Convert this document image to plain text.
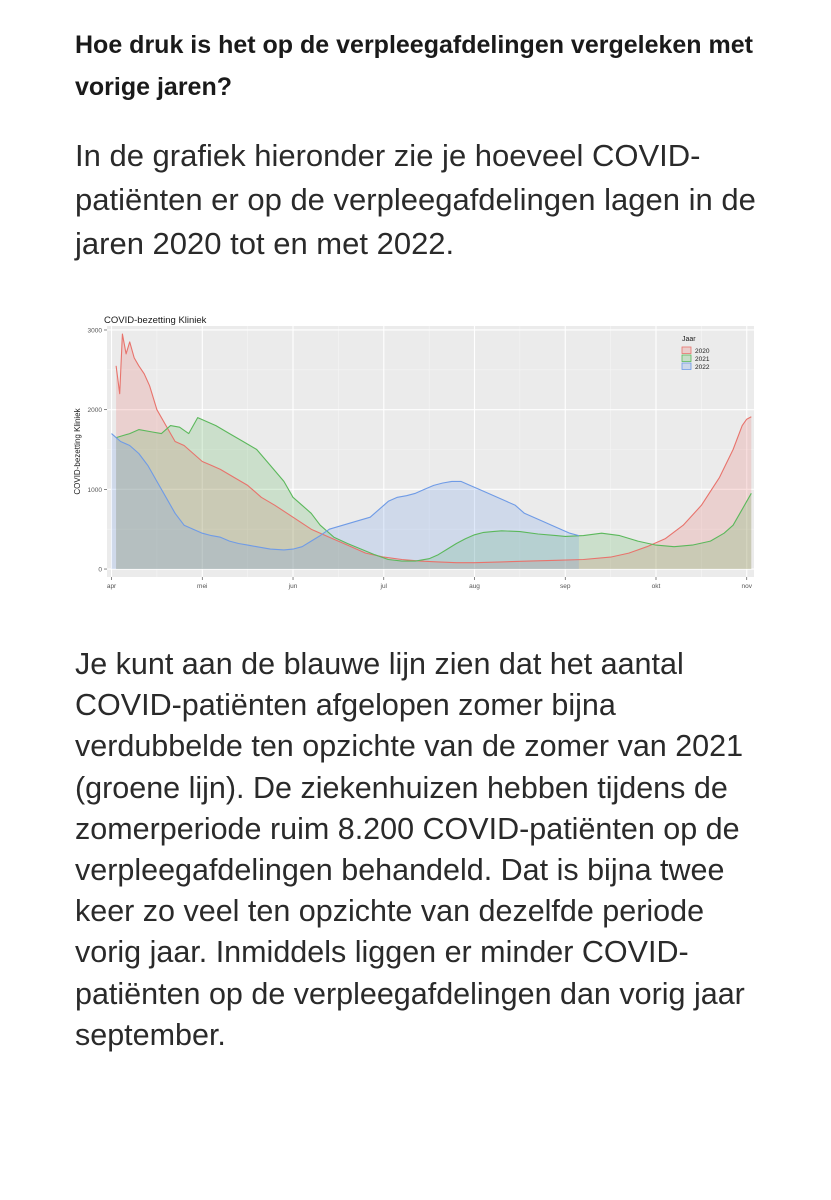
Hoe druk is het op de verpleegafdelingen vergeleken met vorige jaren?
In de grafiek hieronder zie je hoeveel COVID-patiënten er op de verpleegafdelingen lagen in de jaren 2020 tot en met 2022.
COVID-bezetting Kliniek
0
1000
2000
3000
apr	mei	jun	jul	aug	sep	okt	nov
COVID-bezetting Kliniek
Jaar
2020
2021
2022
Je kunt aan de blauwe lijn zien dat het aantal COVID-patiënten afgelopen zomer bijna verdubbelde ten opzichte van de zomer van 2021 (groene lijn). De ziekenhuizen hebben tijdens de zomerperiode ruim 8.200 COVID-patiënten op de verpleegafdelingen behandeld. Dat is bijna twee keer zo veel ten opzichte van dezelfde periode vorig jaar. Inmiddels liggen er minder COVID-patiënten op de verpleegafdelingen dan vorig jaar september.
